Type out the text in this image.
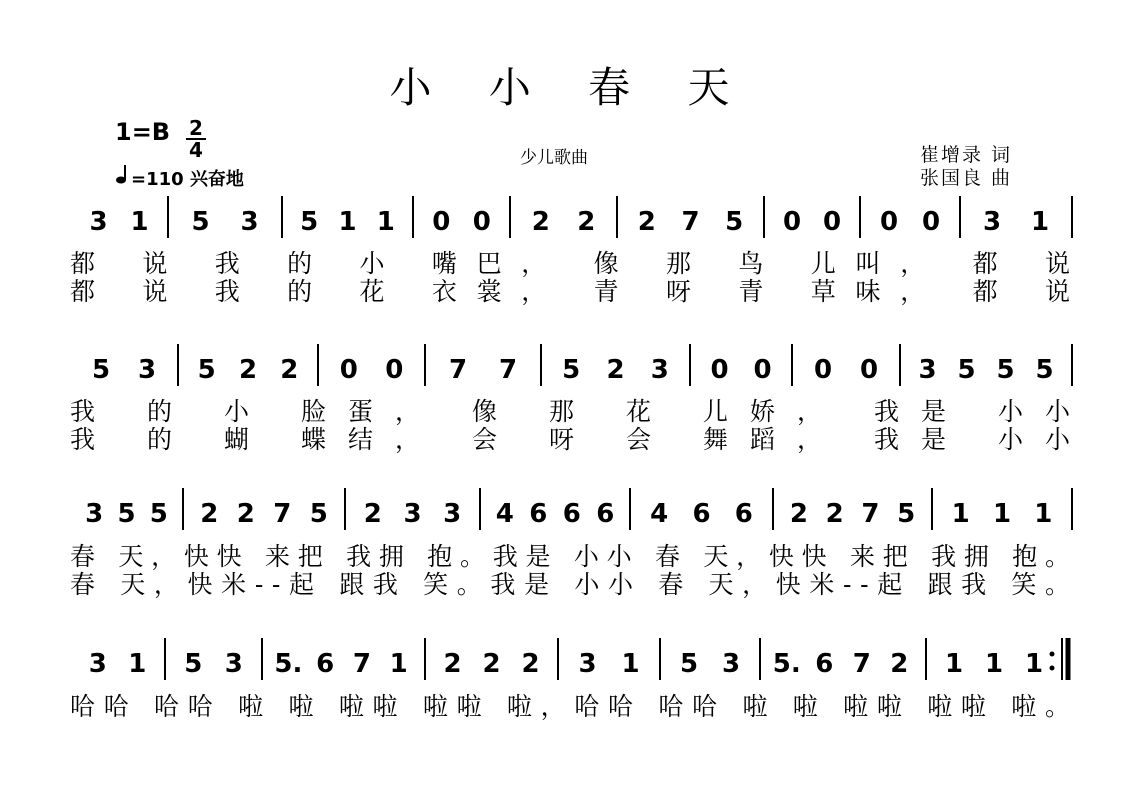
小 小 春 天
1=B 2
4
=110 兴奋地
少儿歌曲	崔增录 词
张国良 曲
3 1 5 3 5 1 1 0 0 2 2 2 7 5 0 0 0 0 3 1
都 说 我 的 小 嘴巴， 像 那 鸟 儿叫， 都 说
都 说 我 的 花 衣裳， 青 呀 青 草味， 都 说
5 3 5 2 2 0 0 7 7 5 2 3 0 0 0 0 3 5 5 5
我 的 小 脸蛋， 像 那 花 儿娇， 我是 小小
我 的 蝴 蝶结， 会 呀 会 舞蹈， 我是 小小
3 5 5 2 2 7 5 2 3 3 4 6 6 6 4 6 6 2 2 7 5 1 1 1
春 天，快快 来把 我拥 抱。我是 小小 春 天，快快 来把 我拥 抱。
春 天，快米--起 跟我 笑。我是 小小 春 天，快米--起 跟我 笑。
3 1 5 3 5. 6 7 1 2 2 2 3 1 5 3 5. 6 7 2 1 1 1
哈哈 哈哈 啦 啦 啦啦 啦啦 啦，哈哈 哈哈 啦 啦 啦啦 啦啦 啦。
